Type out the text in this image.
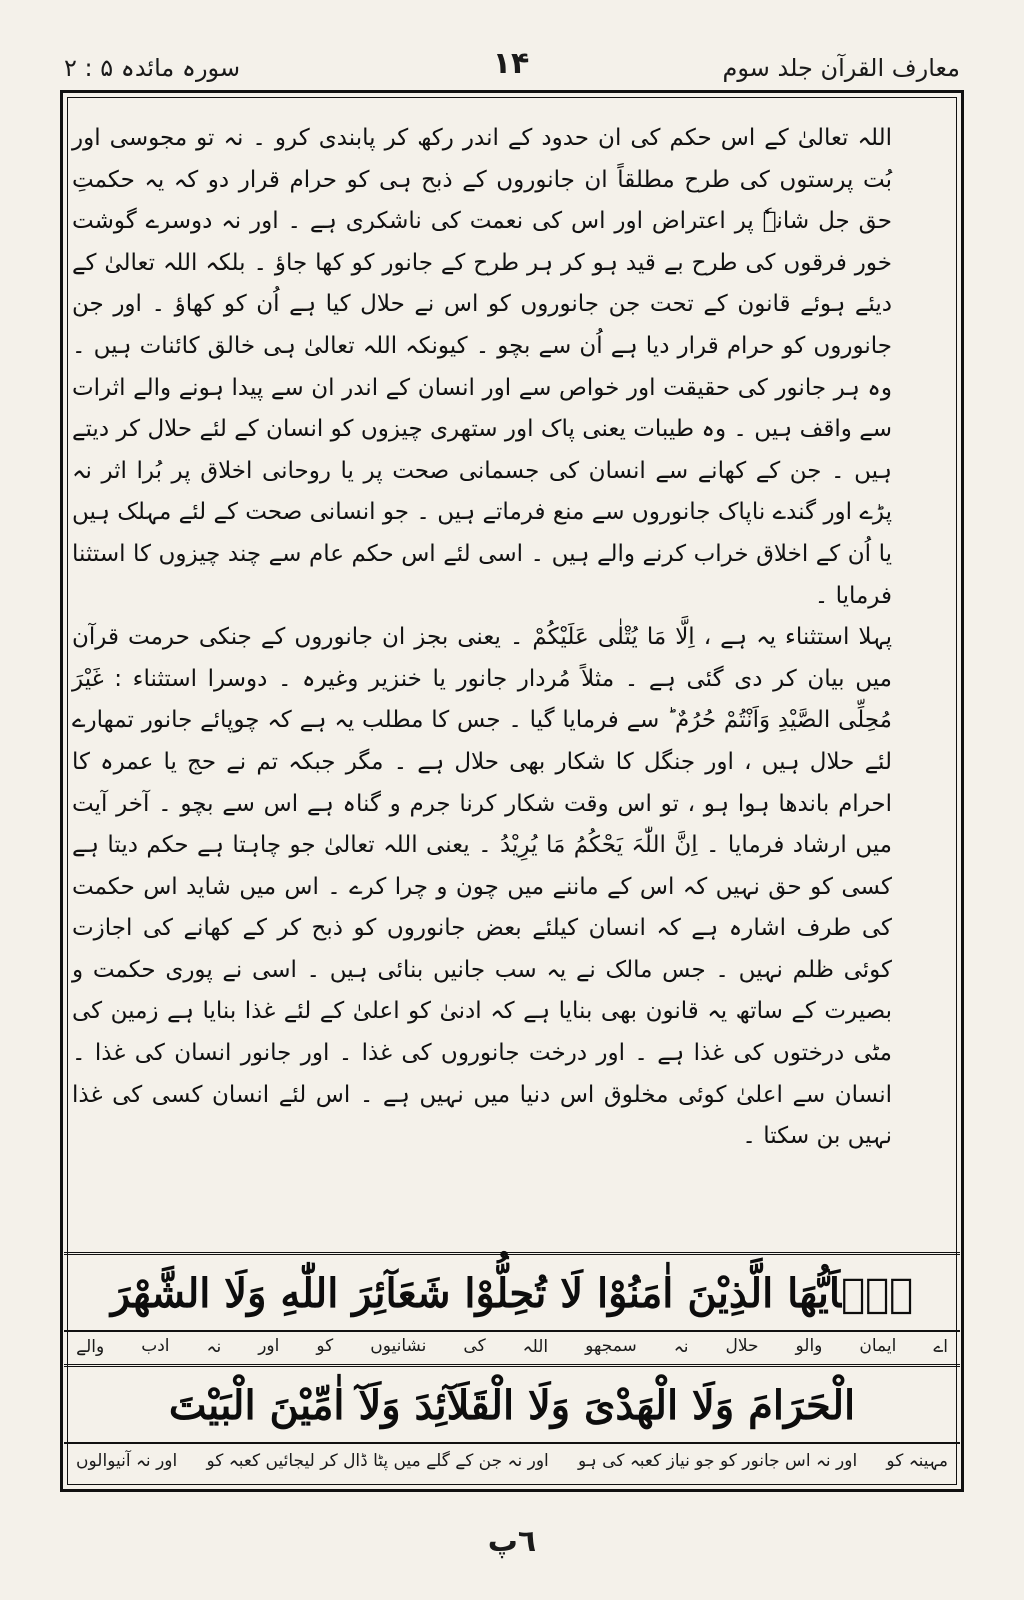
سورہ مائدہ ۵ : ۲	۱۴	معارف القرآن جلد سوم

اللہ تعالیٰ کے اس حکم کی ان حدود کے اندر رکھ کر پابندی کرو ۔ نہ تو مجوسی اور بُت پرستوں کی طرح مطلقاً ان جانوروں کے ذبح ہی کو حرام قرار دو کہ یہ حکمتِ حق جل شانہٗ پر اعتراض اور اس کی نعمت کی ناشکری ہے ۔ اور نہ دوسرے گوشت خور فرقوں کی طرح بے قید ہو کر ہر طرح کے جانور کو کھا جاؤ ۔ بلکہ اللہ تعالیٰ کے دیئے ہوئے قانون کے تحت جن جانوروں کو اس نے حلال کیا ہے اُن کو کھاؤ ۔ اور جن جانوروں کو حرام قرار دیا ہے اُن سے بچو ۔ کیونکہ اللہ تعالیٰ ہی خالق کائنات ہیں ۔ وہ ہر جانور کی حقیقت اور خواص سے اور انسان کے اندر ان سے پیدا ہونے والے اثرات سے واقف ہیں ۔ وہ طیبات یعنی پاک اور ستھری چیزوں کو انسان کے لئے حلال کر دیتے ہیں ۔ جن کے کھانے سے انسان کی جسمانی صحت پر یا روحانی اخلاق پر بُرا اثر نہ پڑے اور گندے ناپاک جانوروں سے منع فرماتے ہیں ۔ جو انسانی صحت کے لئے مہلک ہیں یا اُن کے اخلاق خراب کرنے والے ہیں ۔ اسی لئے اس حکم عام سے چند چیزوں کا استثنا فرمایا ۔

پہلا استثناء یہ ہے ، اِلَّا مَا یُتْلٰی عَلَیْکُمْ ۔ یعنی بجز ان جانوروں کے جنکی حرمت قرآن میں بیان کر دی گئی ہے ۔ مثلاً مُردار جانور یا خنزیر وغیرہ ۔ دوسرا استثناء : غَیْرَ مُحِلِّی الصَّیْدِ وَاَنْتُمْ حُرُمٌ ؕ سے فرمایا گیا ۔ جس کا مطلب یہ ہے کہ چوپائے جانور تمھارے لئے حلال ہیں ، اور جنگل کا شکار بھی حلال ہے ۔ مگر جبکہ تم نے حج یا عمرہ کا احرام باندھا ہوا ہو ، تو اس وقت شکار کرنا جرم و گناہ ہے اس سے بچو ۔ آخر آیت میں ارشاد فرمایا ۔ اِنَّ اللّٰہَ یَحْکُمُ مَا یُرِیْدُ ۔ یعنی اللہ تعالیٰ جو چاہتا ہے حکم دیتا ہے کسی کو حق نہیں کہ اس کے ماننے میں چون و چرا کرے ۔ اس میں شاید اس حکمت کی طرف اشارہ ہے کہ انسان کیلئے بعض جانوروں کو ذبح کر کے کھانے کی اجازت کوئی ظلم نہیں ۔ جس مالک نے یہ سب جانیں بنائی ہیں ۔ اسی نے پوری حکمت و بصیرت کے ساتھ یہ قانون بھی بنایا ہے کہ ادنیٰ کو اعلیٰ کے لئے غذا بنایا ہے زمین کی مٹی درختوں کی غذا ہے ۔ اور درخت جانوروں کی غذا ۔ اور جانور انسان کی غذا ۔ انسان سے اعلیٰ کوئی مخلوق اس دنیا میں نہیں ہے ۔ اس لئے انسان کسی کی غذا نہیں بن سکتا ۔

یٰۤاَیُّهَا الَّذِیْنَ اٰمَنُوْا لَا تُحِلُّوْا شَعَآئِرَ اللّٰهِ وَلَا الشَّهْرَ
اے
ایمان
والو
حلال
نہ
سمجھو
اللہ
کی
نشانیوں
کو
اور
نہ
ادب
والے
الْحَرَامَ وَلَا الْهَدْیَ وَلَا الْقَلَآئِدَ وَلَآ اٰمِّیْنَ الْبَیْتَ
مہینہ کو
اور نہ اس جانور کو جو نیاز کعبہ کی ہو
اور نہ جن کے گلے میں پٹا ڈال کر لیجائیں کعبہ کو
اور نہ آنیوالوں
٦پ
